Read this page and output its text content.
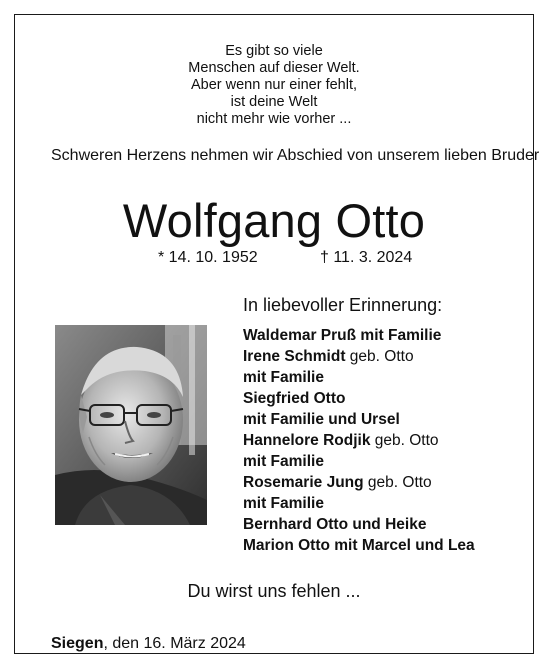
Es gibt so viele
Menschen auf dieser Welt.
Aber wenn nur einer fehlt,
ist deine Welt
nicht mehr wie vorher ...
Schweren Herzens nehmen wir Abschied von unserem lieben Bruder
Wolfgang Otto
* 14. 10. 1952	† 11. 3. 2024
In liebevoller Erinnerung:
Waldemar Pruß mit Familie
Irene Schmidt geb. Otto
mit Familie
Siegfried Otto
mit Familie und Ursel
Hannelore Rodjik geb. Otto
mit Familie
Rosemarie Jung geb. Otto
mit Familie
Bernhard Otto und Heike
Marion Otto mit Marcel und Lea
Du wirst uns fehlen ...
Siegen, den 16. März 2024
